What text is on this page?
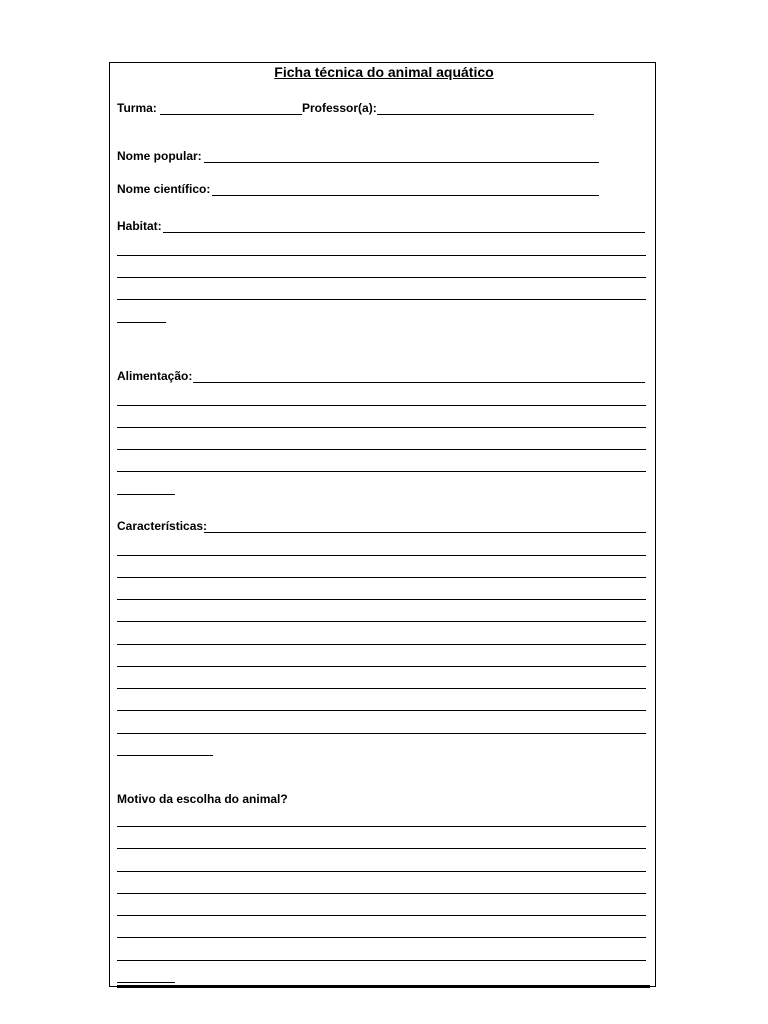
Ficha técnica do animal aquático
Turma:	Professor(a):
Nome popular:
Nome científico:
Habitat:
Alimentação:
Características:
Motivo da escolha do animal?
